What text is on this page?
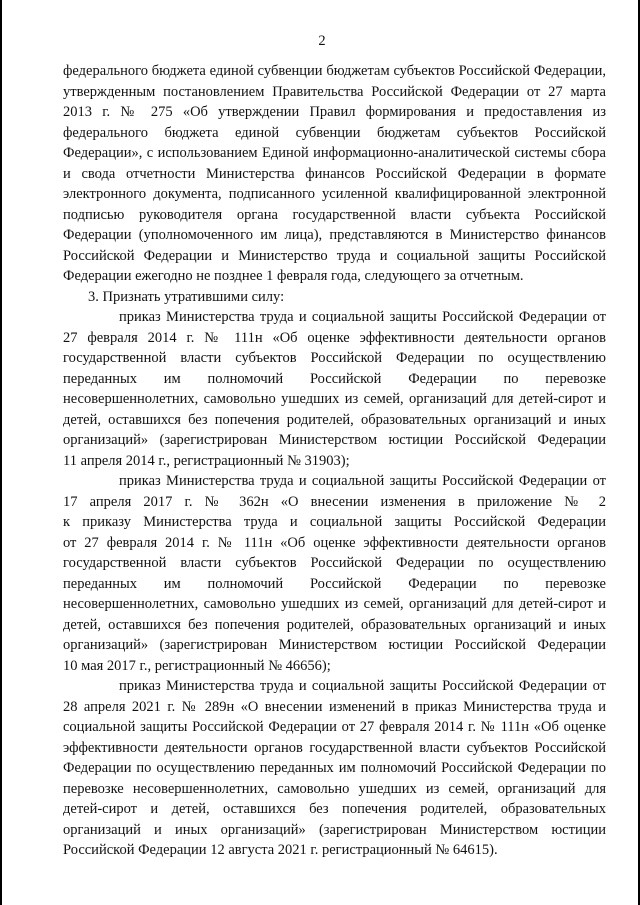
2
федерального бюджета единой субвенции бюджетам субъектов Российской Федерации,
утвержденным постановлением Правительства Российской Федерации от 27 марта
2013 г. № 275 «Об утверждении Правил формирования и предоставления из
федерального бюджета единой субвенции бюджетам субъектов Российской
Федерации», с использованием Единой информационно-аналитической системы сбора
и свода отчетности Министерства финансов Российской Федерации в формате
электронного документа, подписанного усиленной квалифицированной электронной
подписью руководителя органа государственной власти субъекта Российской
Федерации (уполномоченного им лица), представляются в Министерство финансов
Российской Федерации и Министерство труда и социальной защиты Российской
Федерации ежегодно не позднее 1 февраля года, следующего за отчетным.
3. Признать утратившими силу:
приказ Министерства труда и социальной защиты Российской Федерации от
27 февраля 2014 г. № 111н «Об оценке эффективности деятельности органов
государственной власти субъектов Российской Федерации по осуществлению
переданных им полномочий Российской Федерации по перевозке
несовершеннолетних, самовольно ушедших из семей, организаций для детей-сирот и
детей, оставшихся без попечения родителей, образовательных организаций и иных
организаций» (зарегистрирован Министерством юстиции Российской Федерации
11 апреля 2014 г., регистрационный № 31903);
приказ Министерства труда и социальной защиты Российской Федерации от
17 апреля 2017 г. № 362н «О внесении изменения в приложение № 2
к приказу Министерства труда и социальной защиты Российской Федерации
от 27 февраля 2014 г. № 111н «Об оценке эффективности деятельности органов
государственной власти субъектов Российской Федерации по осуществлению
переданных им полномочий Российской Федерации по перевозке
несовершеннолетних, самовольно ушедших из семей, организаций для детей-сирот и
детей, оставшихся без попечения родителей, образовательных организаций и иных
организаций» (зарегистрирован Министерством юстиции Российской Федерации
10 мая 2017 г., регистрационный № 46656);
приказ Министерства труда и социальной защиты Российской Федерации от
28 апреля 2021 г. № 289н «О внесении изменений в приказ Министерства труда и
социальной защиты Российской Федерации от 27 февраля 2014 г. № 111н «Об оценке
эффективности деятельности органов государственной власти субъектов Российской
Федерации по осуществлению переданных им полномочий Российской Федерации по
перевозке несовершеннолетних, самовольно ушедших из семей, организаций для
детей-сирот и детей, оставшихся без попечения родителей, образовательных
организаций и иных организаций» (зарегистрирован Министерством юстиции
Российской Федерации 12 августа 2021 г. регистрационный № 64615).
